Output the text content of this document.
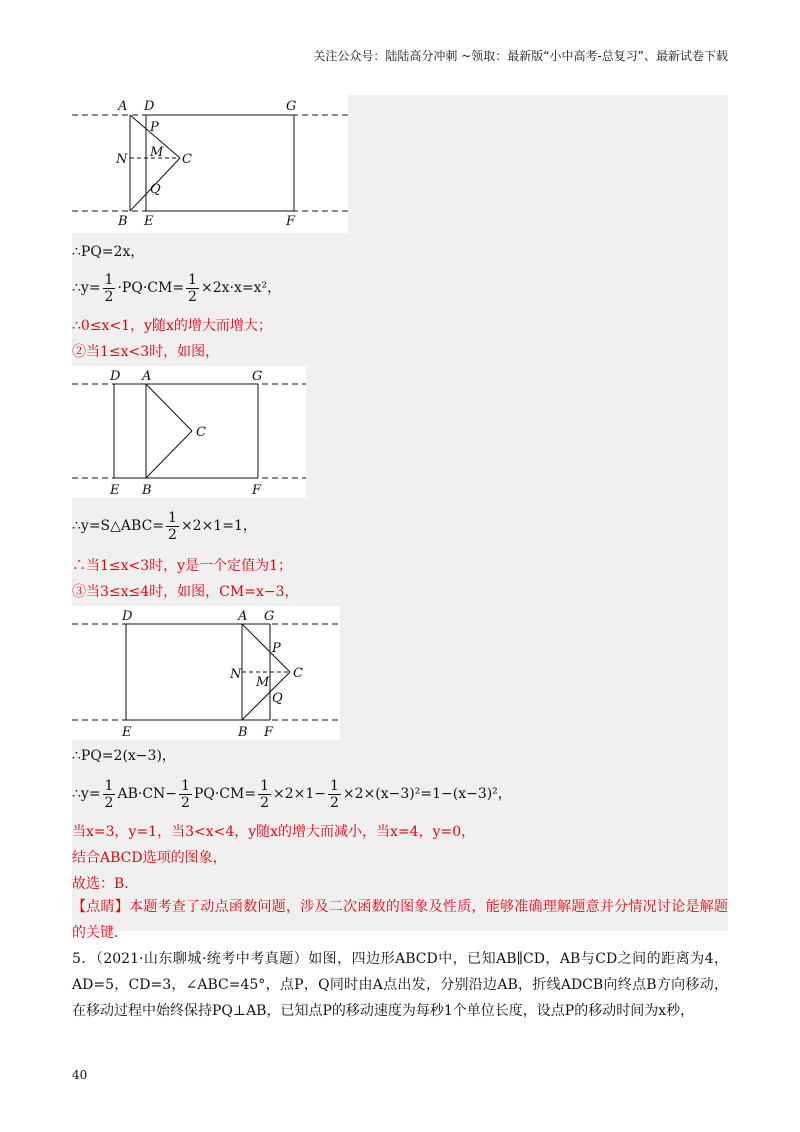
关注公众号：陆陆高分冲刺 ~领取：最新版“小中高考-总复习”、最新试卷下载
A D	G
P
N M C
Q
B E	F
∴PQ=2x，
∴y= $\frac{1}{2} \cdot PQ\cdot CM= \frac{1}{2} \times 2x\cdot x=x^2$，
∴0≤x<1，y随x的增大而增大；
②当1≤x<3时，如图，
D A	G
C
E B	F
∴y=S△ABC= $\frac{1}{2} \times 2\times 1=1$，
∴当1≤x<3时，y是一个定值为1；
③当3≤x≤4时，如图，CM=x−3，
D	A G
P
N
M
C
Q
E	B F
∴PQ=2(x−3)，
∴y= $\frac{1}{2} AB\cdot CN- \frac{1}{2} PQ\cdot CM= \frac{1}{2} \times 2\times 1- \frac{1}{2} \times 2\times(x-3)^2=1-(x-3)^2$，
当x=3，y=1，当3<x<4，y随x的增大而减小，当x=4，y=0，
结合ABCD选项的图象，
故选：B．
【点睛】本题考查了动点函数问题，涉及二次函数的图象及性质，能够准确理解题意并分情况讨论是解题的关键．
5．（2021·山东聊城·统考中考真题）如图，四边形ABCD中，已知AB∥CD，AB与CD之间的距离为4，AD=5，CD=3，∠ABC=45°，点P，Q同时由A点出发，分别沿边AB，折线ADCB向终点B方向移动，在移动过程中始终保持PQ⊥AB，已知点P的移动速度为每秒1个单位长度，设点P的移动时间为x秒，
40
